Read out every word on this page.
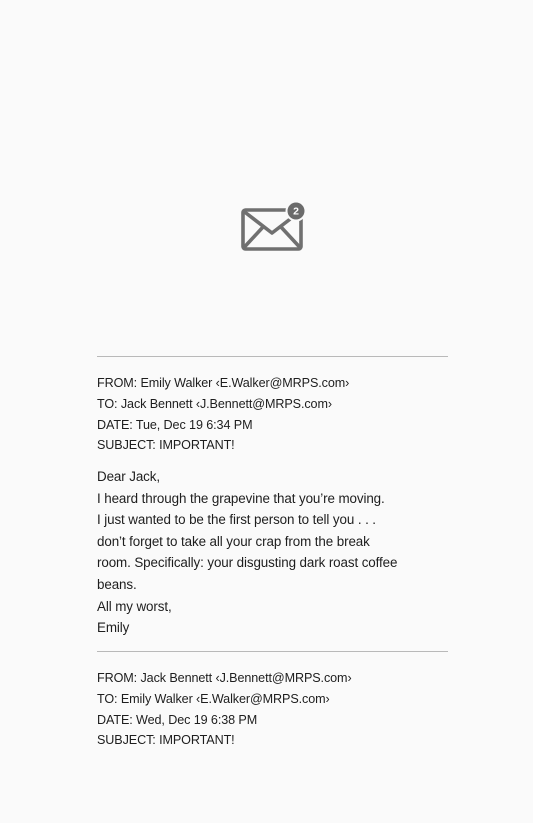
2
FROM: Emily Walker ‹E.Walker@MRPS.com›
TO: Jack Bennett ‹J.Bennett@MRPS.com›
DATE: Tue, Dec 19 6:34 PM
SUBJECT: IMPORTANT!
Dear Jack,
I heard through the grapevine that you’re moving.
I just wanted to be the first person to tell you . . .
don’t forget to take all your crap from the break
room. Specifically: your disgusting dark roast coffee
beans.
All my worst,
Emily
FROM: Jack Bennett ‹J.Bennett@MRPS.com›
TO: Emily Walker ‹E.Walker@MRPS.com›
DATE: Wed, Dec 19 6:38 PM
SUBJECT: IMPORTANT!
